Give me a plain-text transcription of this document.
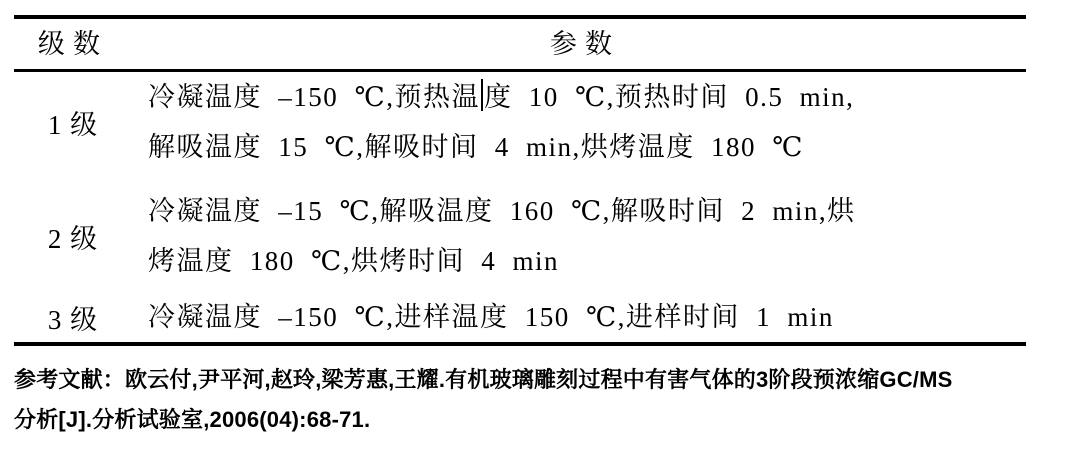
级数	参数
1 级
冷凝温度 –150 ℃,预热温 度 10 ℃,预热时间 0.5 min,
解吸温度 15 ℃,解吸时间 4 min,烘烤温度 180 ℃
2 级
冷凝温度 –15 ℃,解吸温度 160 ℃,解吸时间 2 min,烘
烤温度 180 ℃,烘烤时间 4 min
3 级	冷凝温度 –150 ℃,进样温度 150 ℃,进样时间 1 min
参考文献：欧云付,尹平河,赵玲,梁芳惠,王耀.有机玻璃雕刻过程中有害气体的3阶段预浓缩GC/MS
分析[J].分析试验室,2006(04):68-71.
